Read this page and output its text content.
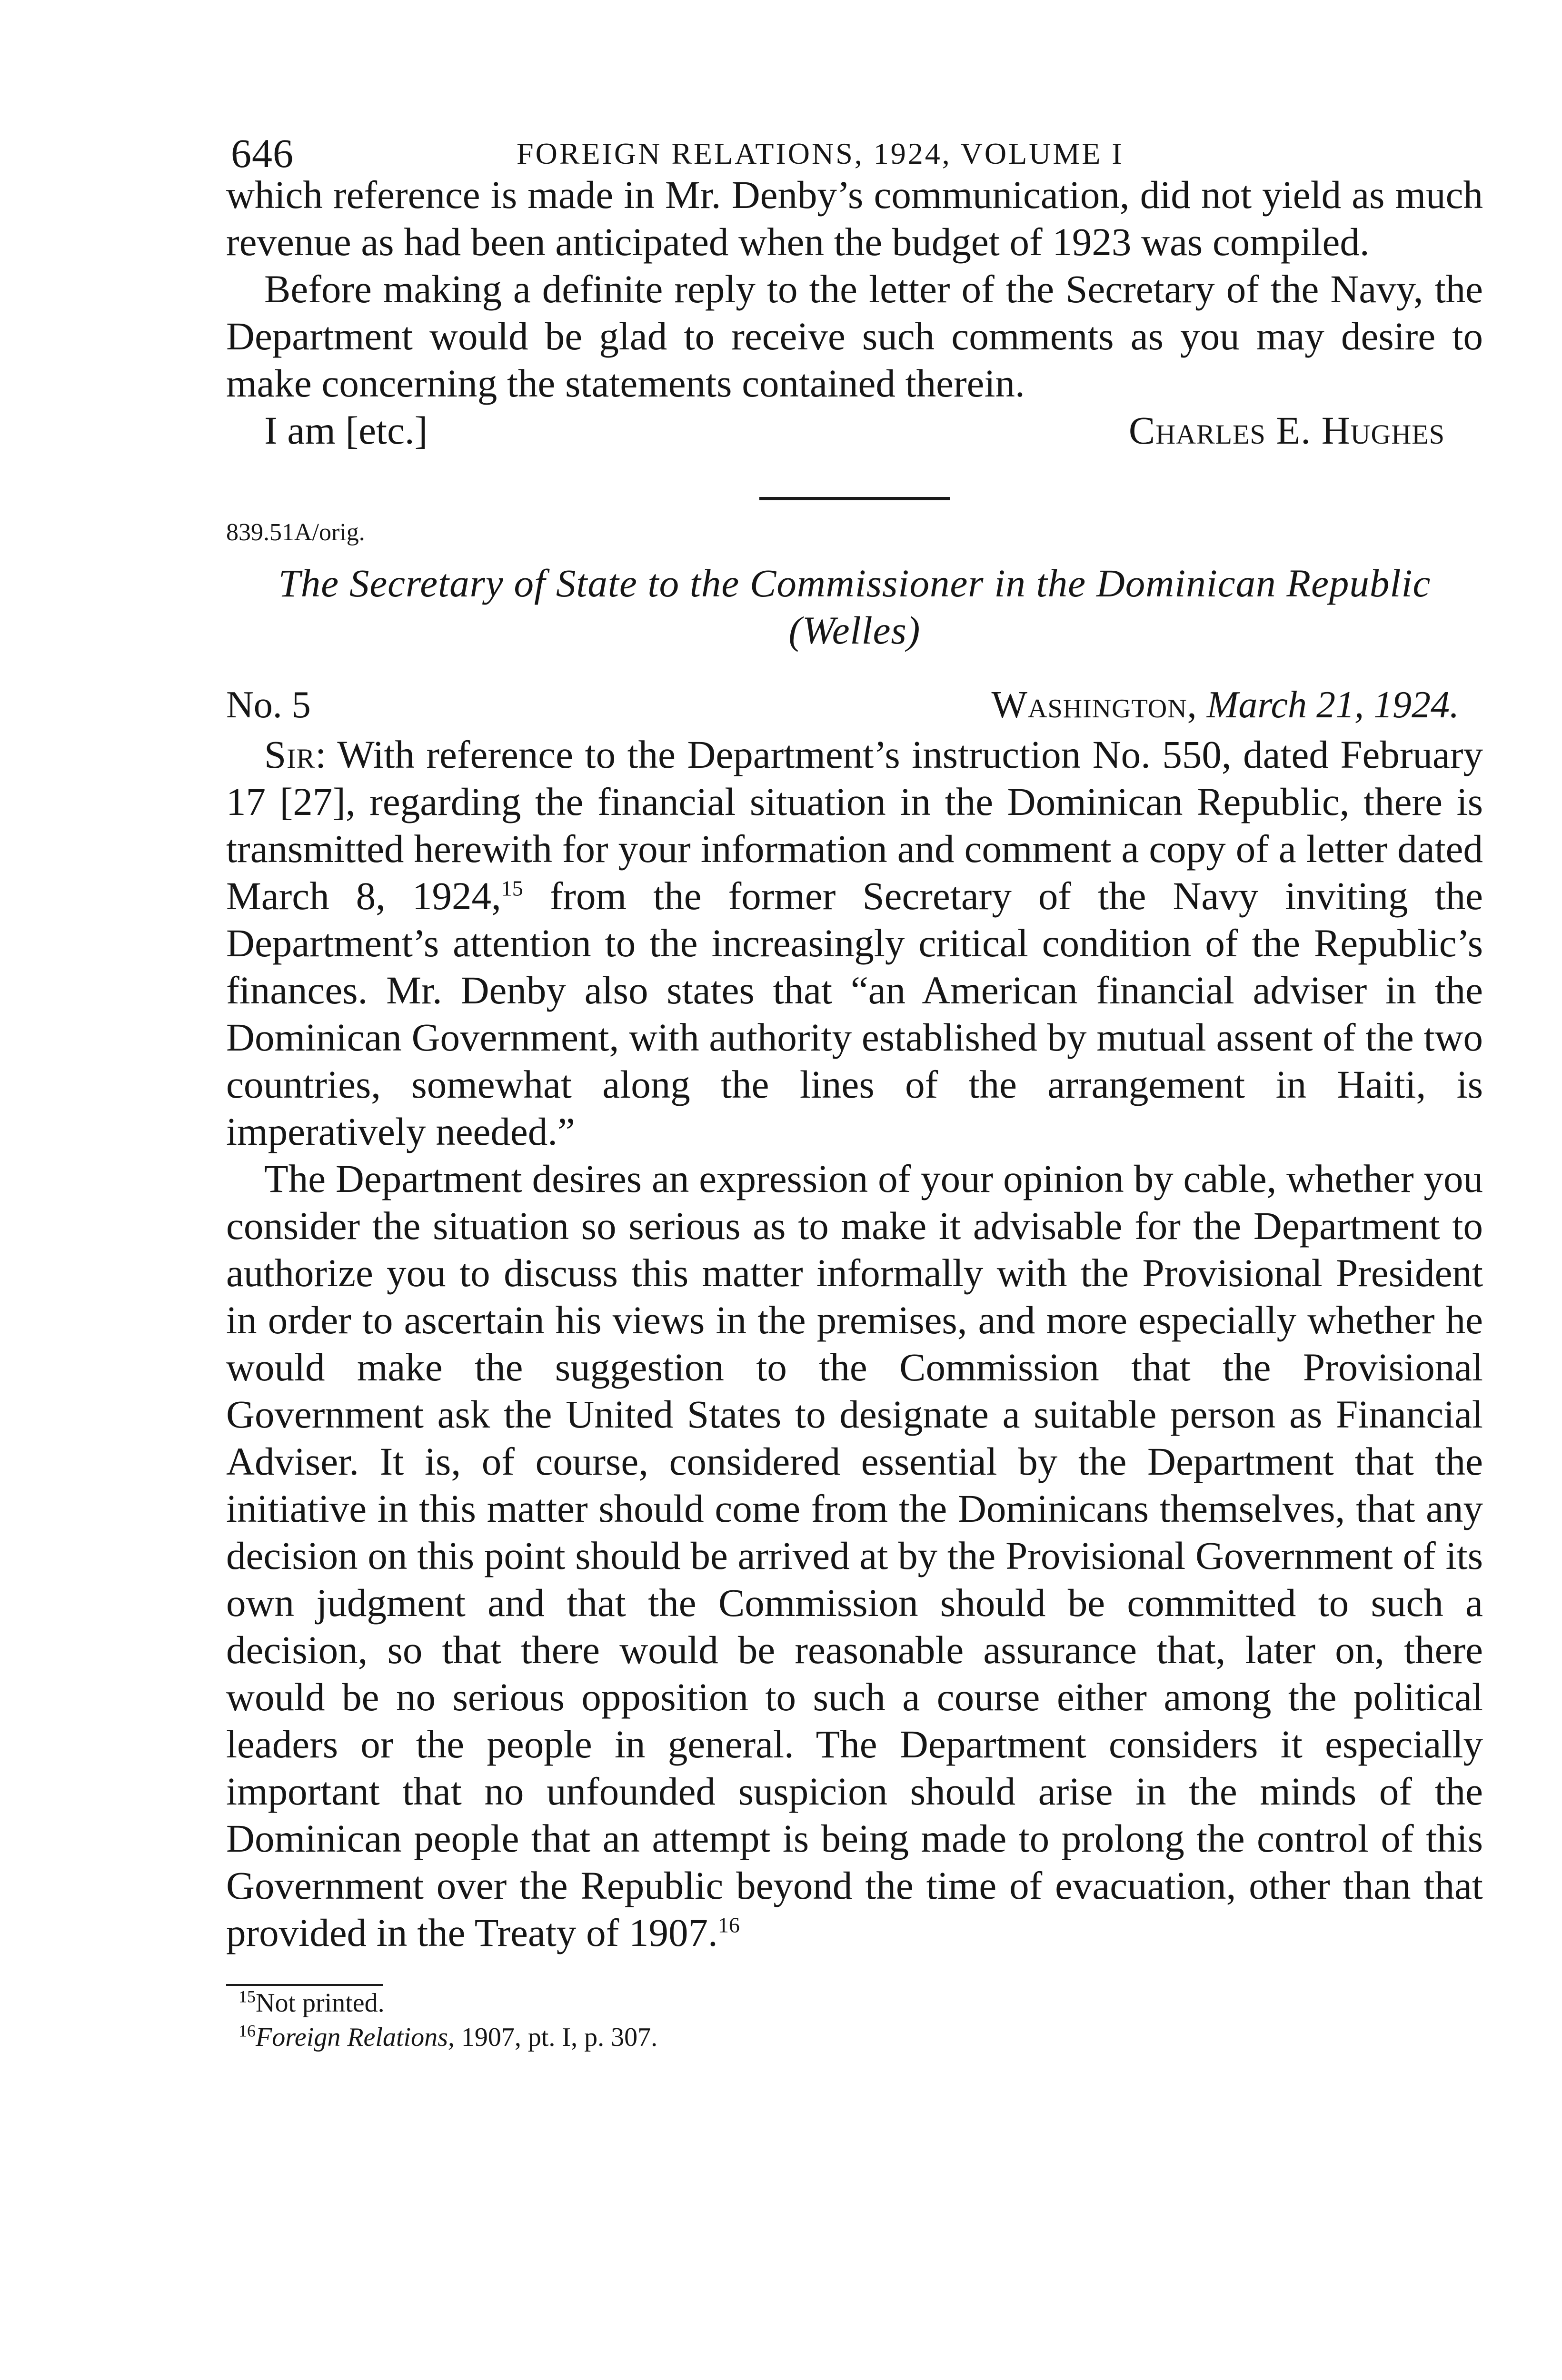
646	FOREIGN RELATIONS, 1924, VOLUME I

which reference is made in Mr. Denby’s communication, did not yield as much revenue as had been anticipated when the budget of 1923 was compiled.

Before making a definite reply to the letter of the Secretary of the Navy, the Department would be glad to receive such comments as you may desire to make concerning the statements contained therein.

I am [etc.]	Charles E. Hughes
839.51A/orig.
The Secretary of State to the Commissioner in the Dominican Republic (Welles)
No. 5	Washington, March 21, 1924.

Sir: With reference to the Department’s instruction No. 550, dated February 17 [27], regarding the financial situation in the Dominican Republic, there is transmitted herewith for your information and comment a copy of a letter dated March 8, 1924,15 from the former Secretary of the Navy inviting the Department’s attention to the increasingly critical condition of the Republic’s finances. Mr. Denby also states that “an American financial adviser in the Dominican Government, with authority established by mutual assent of the two countries, somewhat along the lines of the arrangement in Haiti, is imperatively needed.”

The Department desires an expression of your opinion by cable, whether you consider the situation so serious as to make it advisable for the Department to authorize you to discuss this matter informally with the Provisional President in order to ascertain his views in the premises, and more especially whether he would make the suggestion to the Commission that the Provisional Government ask the United States to designate a suitable person as Financial Adviser. It is, of course, considered essential by the Department that the initiative in this matter should come from the Dominicans themselves, that any decision on this point should be arrived at by the Provisional Government of its own judgment and that the Commission should be committed to such a decision, so that there would be reasonable assurance that, later on, there would be no serious opposition to such a course either among the political leaders or the people in general. The Department considers it especially important that no unfounded suspicion should arise in the minds of the Dominican people that an attempt is being made to prolong the control of this Government over the Republic beyond the time of evacuation, other than that provided in the Treaty of 1907.16

$^{15}$Not printed.
$^{16}$Foreign Relations, 1907, pt. I, p. 307.
